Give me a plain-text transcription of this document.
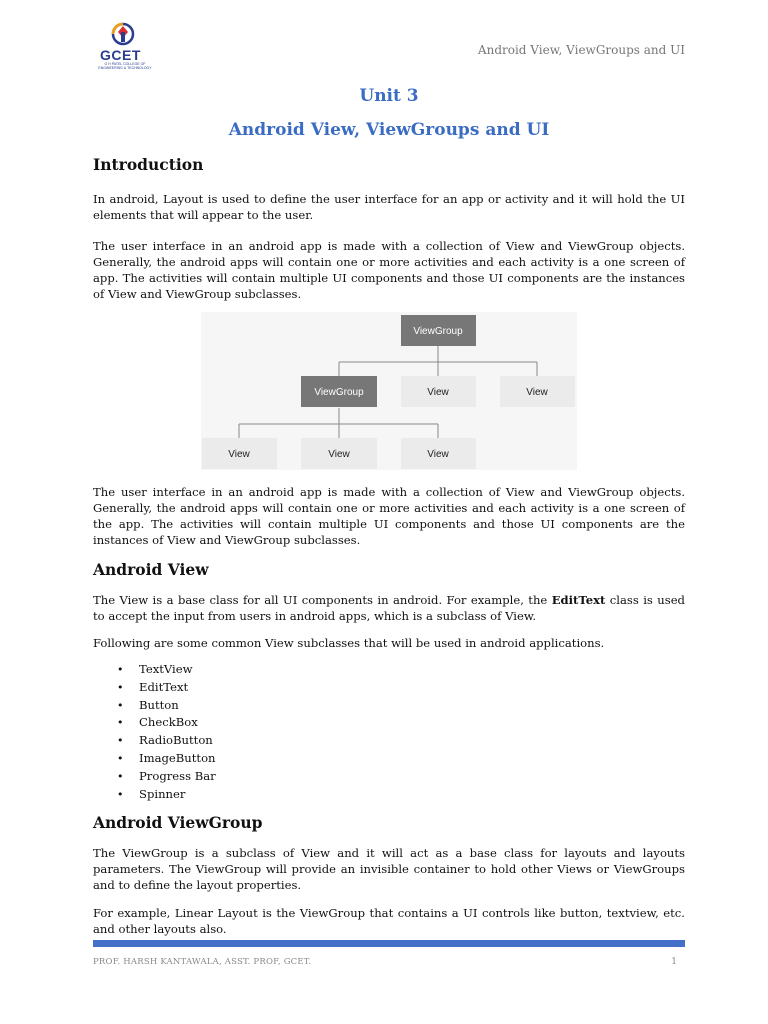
GCET
G H PATEL COLLEGE OF ENGINEERING & TECHNOLOGY
Android View, ViewGroups and UI
Unit 3
Android View, ViewGroups and UI
Introduction

In android, Layout is used to define the user interface for an app or activity and it will hold the UI elements that will appear to the user.

The user interface in an android app is made with a collection of View and ViewGroup objects. Generally, the android apps will contain one or more activities and each activity is a one screen of app. The activities will contain multiple UI components and those UI components are the instances of View and ViewGroup subclasses.

ViewGroup
ViewGroup	View	View
View	View	View

The user interface in an android app is made with a collection of View and ViewGroup objects. Generally, the android apps will contain one or more activities and each activity is a one screen of the app. The activities will contain multiple UI components and those UI components are the instances of View and ViewGroup subclasses.

Android View

The View is a base class for all UI components in android. For example, the EditText class is used to accept the input from users in android apps, which is a subclass of View.

Following are some common View subclasses that will be used in android applications.

• TextView
• EditText
• Button
• CheckBox
• RadioButton
• ImageButton
• Progress Bar
• Spinner
Android ViewGroup

The ViewGroup is a subclass of View and it will act as a base class for layouts and layouts parameters. The ViewGroup will provide an invisible container to hold other Views or ViewGroups and to define the layout properties.

For example, Linear Layout is the ViewGroup that contains a UI controls like button, textview, etc. and other layouts also.

PROF. HARSH KANTAWALA, ASST. PROF, GCET.	1
